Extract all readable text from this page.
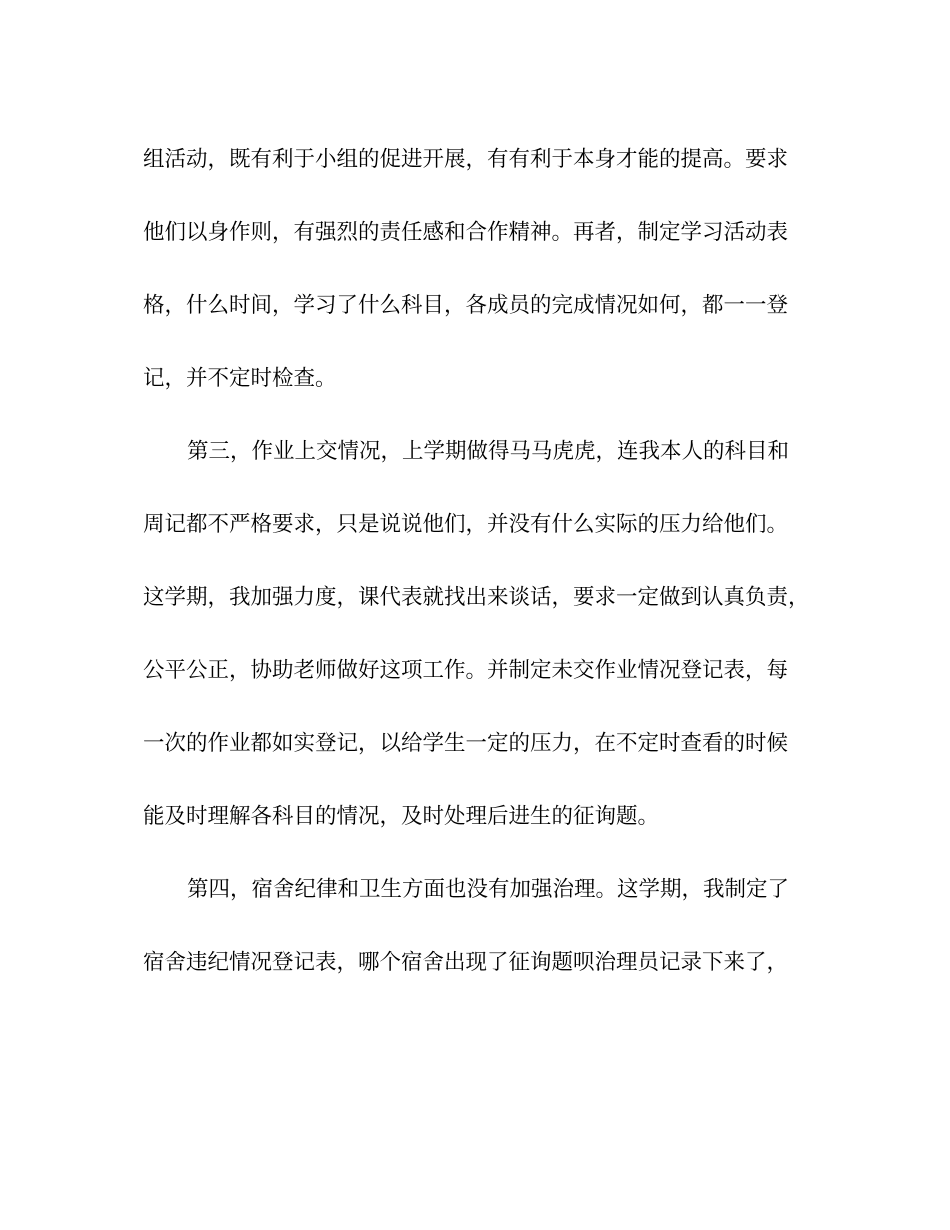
组活动，既有利于小组的促进开展，有有利于本身才能的提高。要求
他们以身作则，有强烈的责任感和合作精神。再者，制定学习活动表
格，什么时间，学习了什么科目，各成员的完成情况如何，都一一登
记，并不定时检查。
第三，作业上交情况，上学期做得马马虎虎，连我本人的科目和
周记都不严格要求，只是说说他们，并没有什么实际的压力给他们。
这学期，我加强力度，课代表就找出来谈话，要求一定做到认真负责，
公平公正，协助老师做好这项工作。并制定未交作业情况登记表，每
一次的作业都如实登记，以给学生一定的压力，在不定时查看的时候
能及时理解各科目的情况，及时处理后进生的征询题。
第四，宿舍纪律和卫生方面也没有加强治理。这学期，我制定了
宿舍违纪情况登记表，哪个宿舍出现了征询题呗治理员记录下来了，
